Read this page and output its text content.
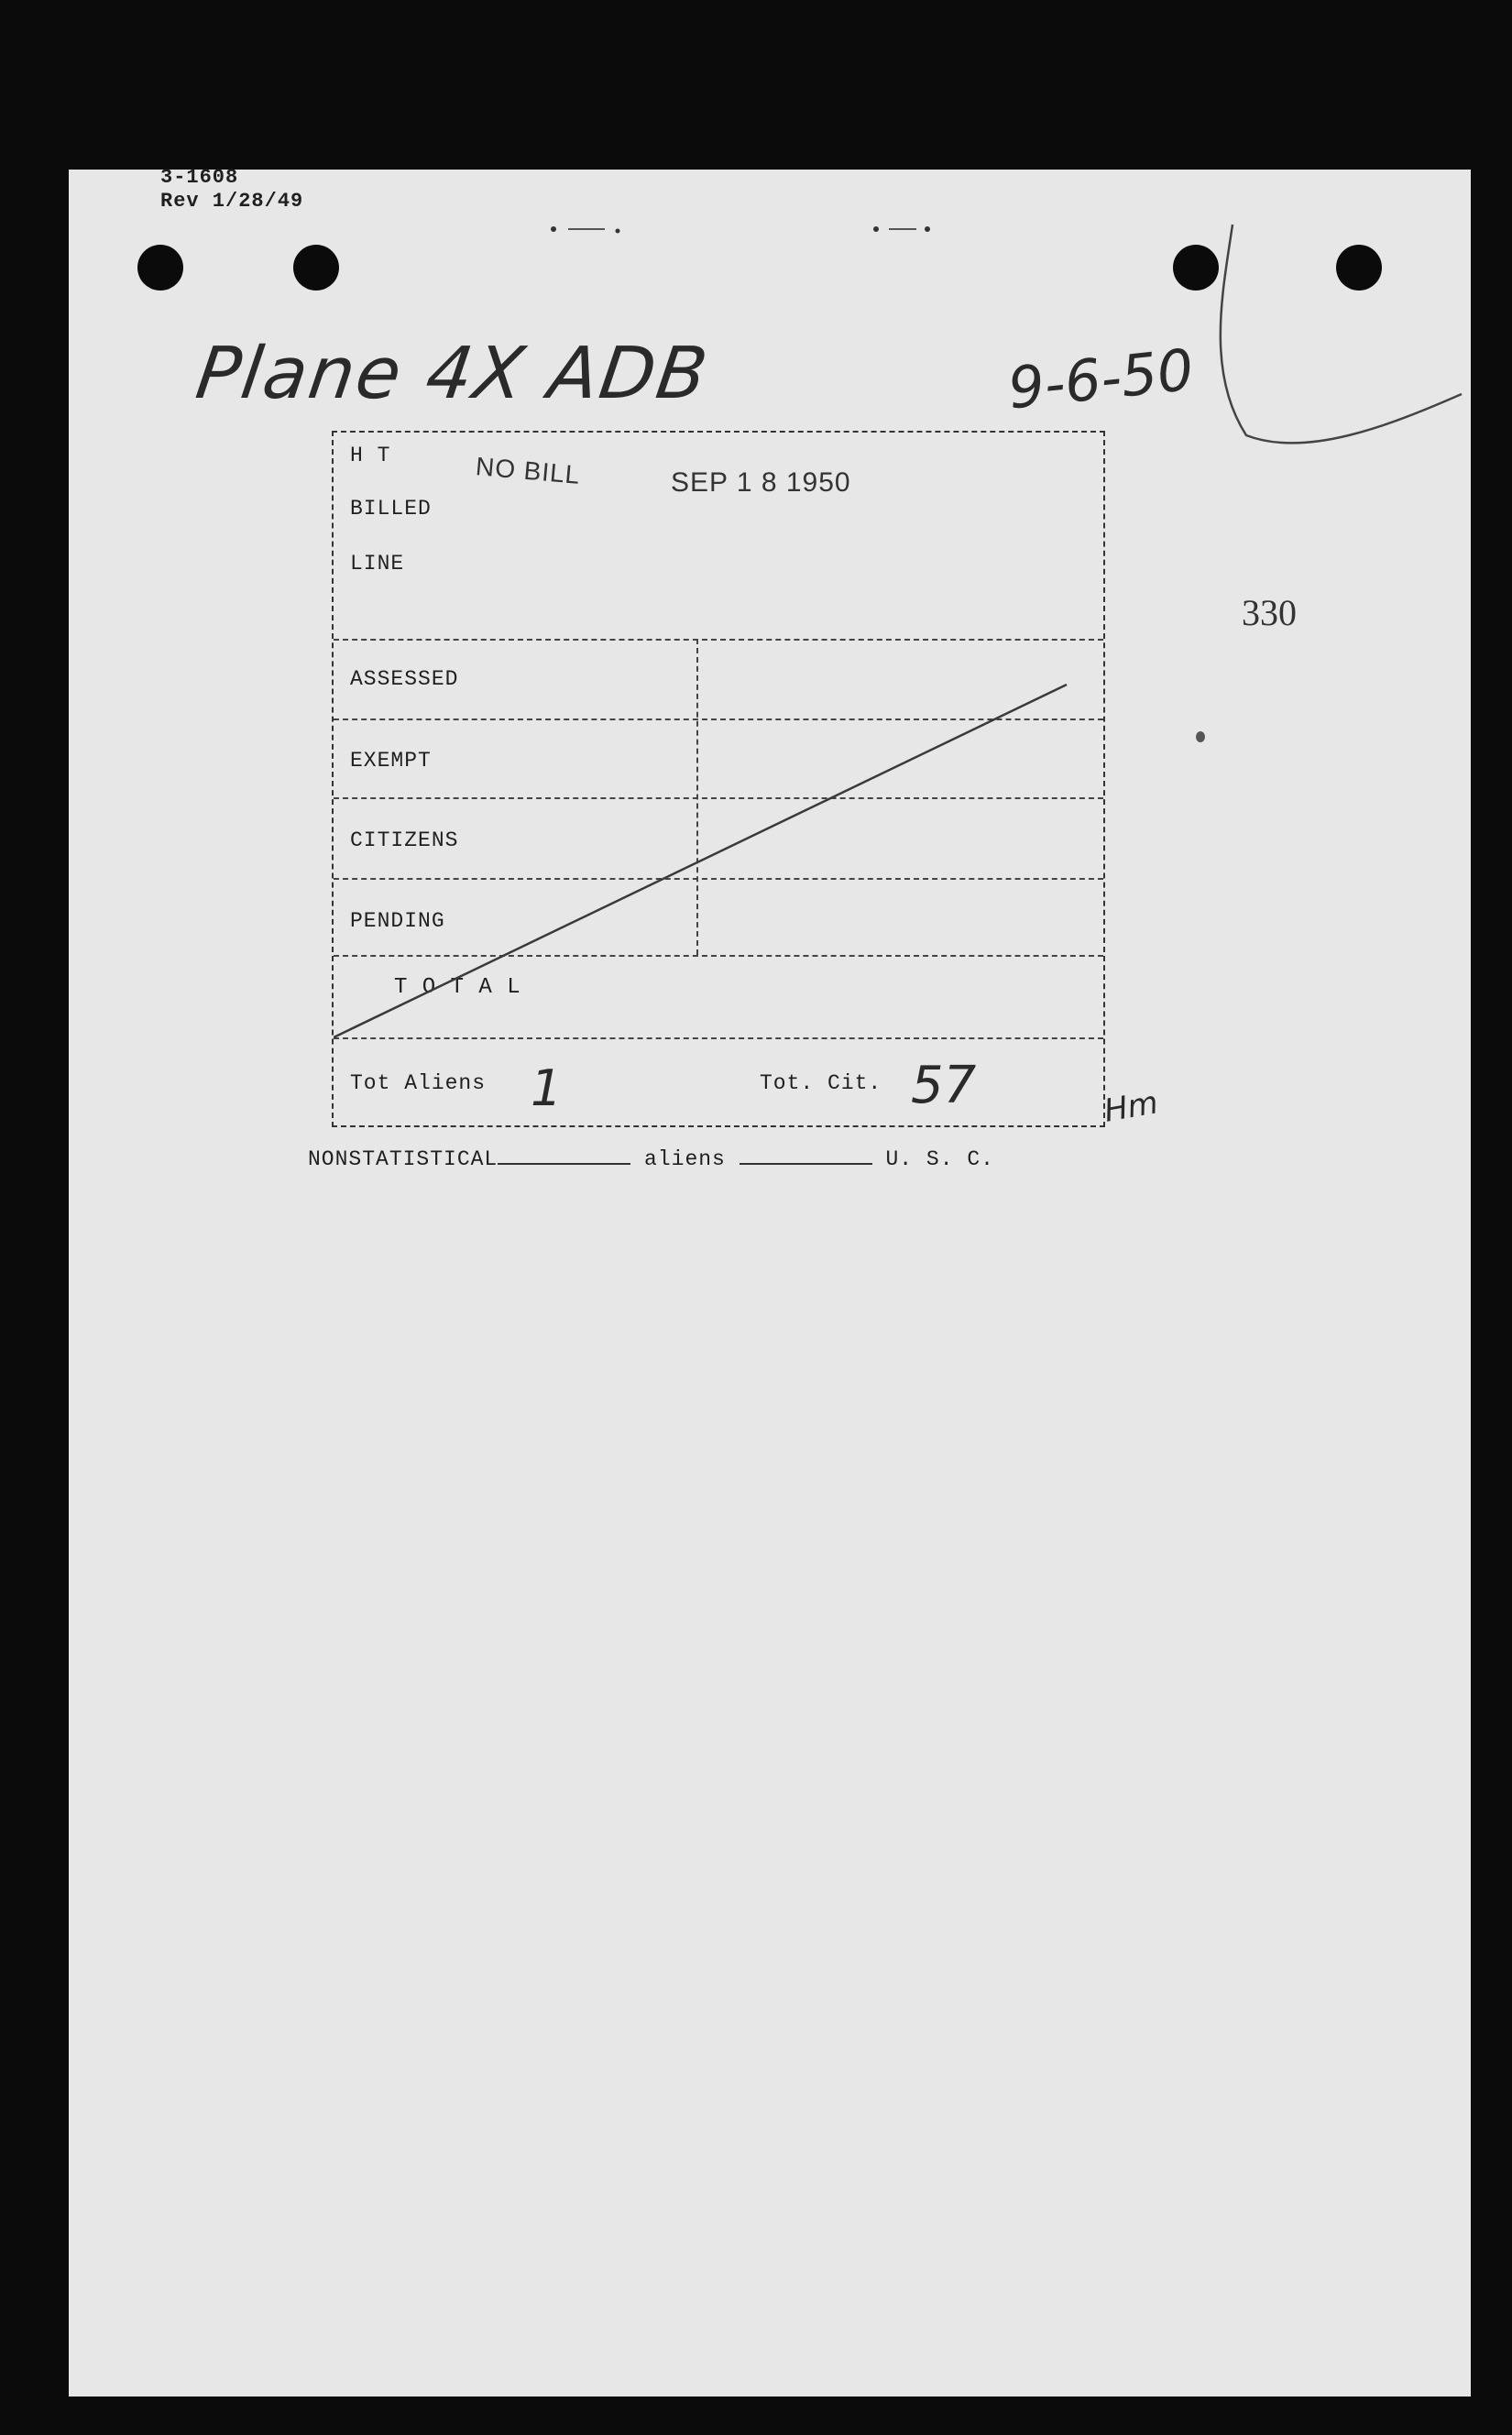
3-1608
Rev 1/28/49
Plane 4X ADB	9-6-50
330
H T
BILLED
LINE
NO BILL	SEP 1 8 1950
ASSESSED
EXEMPT
CITIZENS
PENDING
T O T A L
Tot Aliens 1	Tot. Cit. 57	Hm
NONSTATISTICAL	aliens	U. S. C.
